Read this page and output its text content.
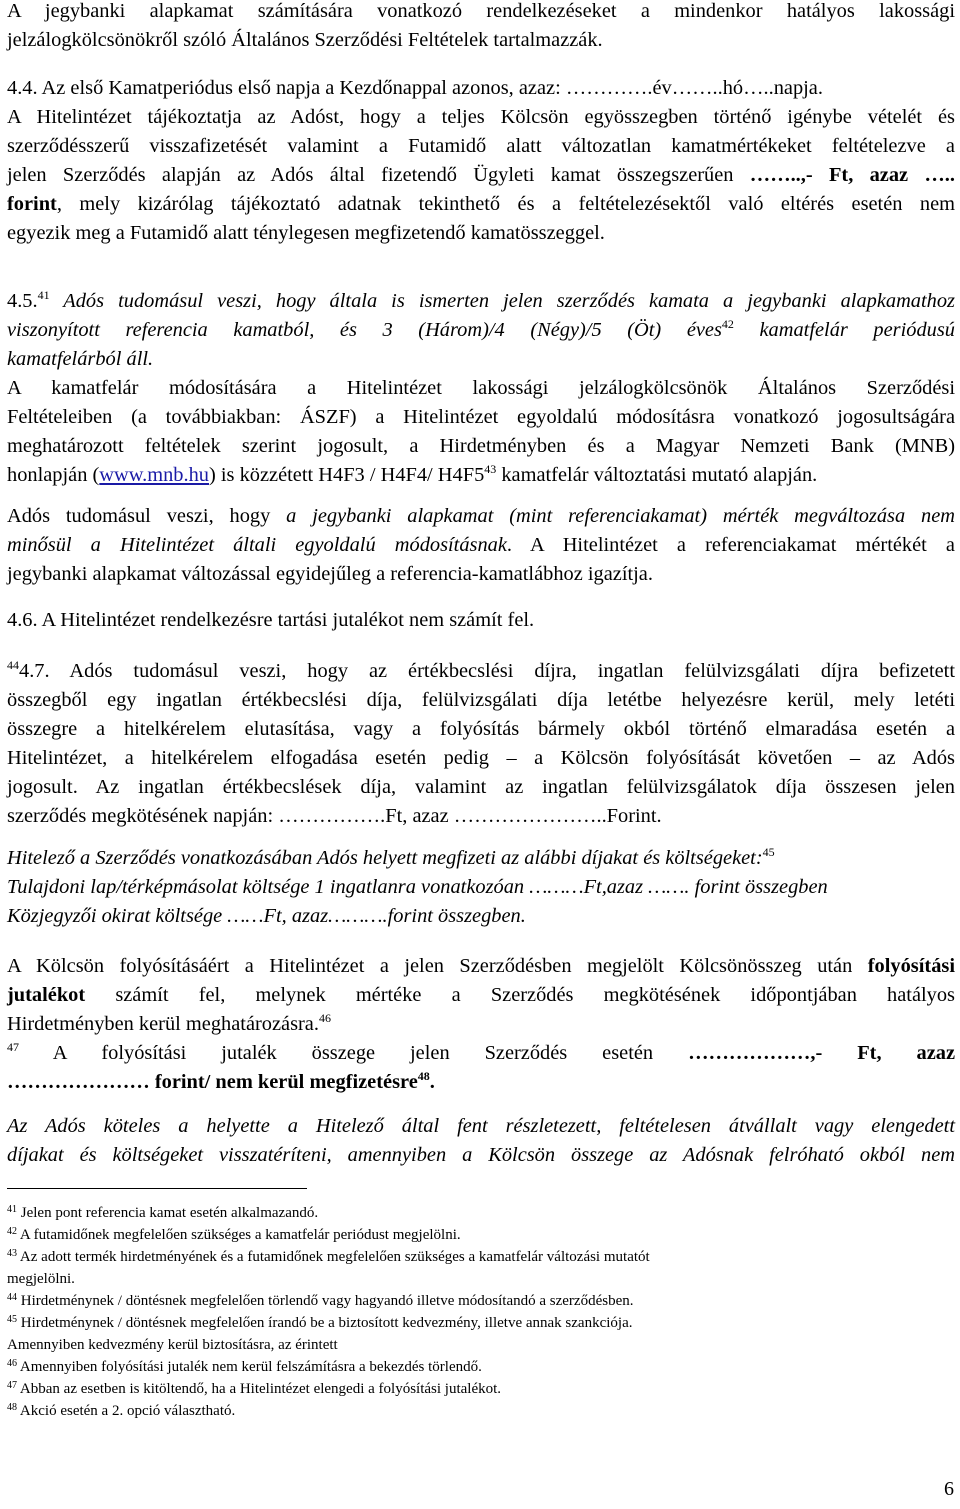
A jegybanki alapkamat számítására vonatkozó rendelkezéseket a mindenkor hatályos lakossági
jelzálogkölcsönökről szóló Általános Szerződési Feltételek tartalmazzák.
4.4. Az első Kamatperiódus első napja a Kezdőnappal azonos, azaz: ………….év……..hó…..napja.
A Hitelintézet tájékoztatja az Adóst, hogy a teljes Kölcsön egyösszegben történő igénybe vételét és
szerződésszerű visszafizetését valamint a Futamidő alatt változatlan kamatmértékeket feltételezve a
jelen Szerződés alapján az Adós által fizetendő Ügyleti kamat összegszerűen ……..,- Ft, azaz …..
forint, mely kizárólag tájékoztató adatnak tekinthető és a feltételezésektől való eltérés esetén nem
egyezik meg a Futamidő alatt ténylegesen megfizetendő kamatösszeggel.
4.5.41 Adós tudomásul veszi, hogy általa is ismerten jelen szerződés kamata a jegybanki alapkamathoz
viszonyított referencia kamatból, és 3 (Három)/4 (Négy)/5 (Öt) éves$^{42}$ kamatfelár periódusú
kamatfelárból áll.
A kamatfelár módosítására a Hitelintézet lakossági jelzálogkölcsönök Általános Szerződési
Feltételeiben (a továbbiakban: ÁSZF) a Hitelintézet egyoldalú módosításra vonatkozó jogosultságára
meghatározott feltételek szerint jogosult, a Hirdetményben és a Magyar Nemzeti Bank (MNB)
honlapján (www.mnb.hu) is közzétett H4F3 / H4F4/ $H4F5^{43}$ kamatfelár változtatási mutató alapján.
Adós tudomásul veszi, hogy a jegybanki alapkamat (mint referenciakamat) mérték megváltozása nem
minősül a Hitelintézet általi egyoldalú módosításnak. A Hitelintézet a referenciakamat mértékét a
jegybanki alapkamat változással egyidejűleg a referencia-kamatlábhoz igazítja.
4.6. A Hitelintézet rendelkezésre tartási jutalékot nem számít fel.
$^{44}$4.7. Adós tudomásul veszi, hogy az értékbecslési díjra, ingatlan felülvizsgálati díjra befizetett
összegből egy ingatlan értékbecslési díja, felülvizsgálati díja letétbe helyezésre kerül, mely letéti
összegre a hitelkérelem elutasítása, vagy a folyósítás bármely okból történő elmaradása esetén a
Hitelintézet, a hitelkérelem elfogadása esetén pedig – a Kölcsön folyósítását követően – az Adós
jogosult. Az ingatlan értékbecslések díja, valamint az ingatlan felülvizsgálatok díja összesen jelen
szerződés megkötésének napján: …………….Ft, azaz …………………..Forint.
Hitelező a Szerződés vonatkozásában Adós helyett megfizeti az alábbi díjakat és költségeket:$^{45}$
Tulajdoni lap/térképmásolat költsége 1 ingatlanra vonatkozóan ………Ft,azaz ……. forint összegben
Közjegyzői okirat költsége ……Ft, azaz……….forint összegben.
A Kölcsön folyósításáért a Hitelintézet a jelen Szerződésben megjelölt Kölcsönösszeg után folyósítási
jutalékot számít fel, melynek mértéke a Szerződés megkötésének időpontjában hatályos
Hirdetményben kerül meghatározásra.$^{46}$
$^{47}$ A folyósítási jutalék összege jelen Szerződés esetén ………………,- Ft, azaz
………………… forint/ nem kerül megfizetésre$^{48}$.
Az Adós köteles a helyette a Hitelező által fent részletezett, feltételesen átvállalt vagy elengedett
díjakat és költségeket visszatéríteni, amennyiben a Kölcsön összege az Adósnak felróható okból nem
$^{41}$ Jelen pont referencia kamat esetén alkalmazandó.
$^{42}$ A futamidőnek megfelelően szükséges a kamatfelár periódust megjelölni.
$^{43}$ Az adott termék hirdetményének és a futamidőnek megfelelően szükséges a kamatfelár változási mutatót
megjelölni.
$^{44}$ Hirdetménynek / döntésnek megfelelően törlendő vagy hagyandó illetve módosítandó a szerződésben.
$^{45}$ Hirdetménynek / döntésnek megfelelően írandó be a biztosított kedvezmény, illetve annak szankciója.
Amennyiben kedvezmény kerül biztosításra, az érintett
$^{46}$ Amennyiben folyósítási jutalék nem kerül felszámításra a bekezdés törlendő.
$^{47}$ Abban az esetben is kitöltendő, ha a Hitelintézet elengedi a folyósítási jutalékot.
$^{48}$ Akció esetén a 2. opció választható.
6
